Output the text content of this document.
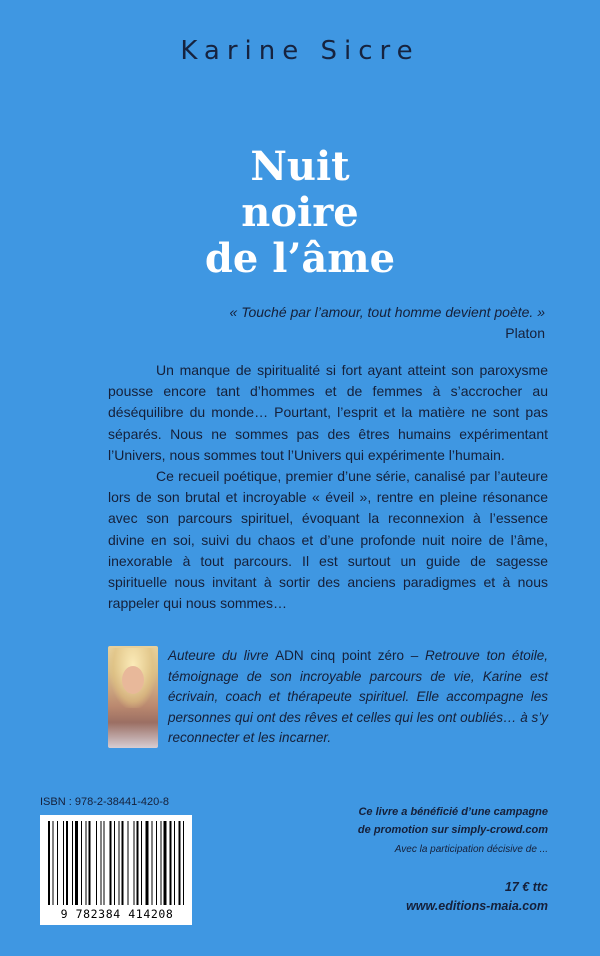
Karine Sicre
Nuit
noire
de l’âme
« Touché par l’amour, tout homme devient poète. »
Platon

Un manque de spiritualité si fort ayant atteint son paroxysme pousse encore tant d’hommes et de femmes à s’accrocher au déséquilibre du monde… Pourtant, l’esprit et la matière ne sont pas séparés. Nous ne sommes pas des êtres humains expérimentant l’Univers, nous sommes tout l’Univers qui expérimente l’humain.

Ce recueil poétique, premier d’une série, canalisé par l’auteure lors de son brutal et incroyable « éveil », rentre en pleine résonance avec son parcours spirituel, évoquant la reconnexion à l’essence divine en soi, suivi du chaos et d’une profonde nuit noire de l’âme, inexorable à tout parcours. Il est surtout un guide de sagesse spirituelle nous invitant à sortir des anciens paradigmes et à nous rappeler qui nous sommes…

Auteure du livre ADN cinq point zéro – Retrouve ton étoile, témoignage de son incroyable parcours de vie, Karine est écrivain, coach et thérapeute spirituel. Elle accompagne les personnes qui ont des rêves et celles qui les ont oubliés… à s’y reconnecter et les incarner.
ISBN : 978-2-38441-420-8
9 782384 414208
Ce livre a bénéficié d’une campagne
de promotion sur simply-crowd.com
Avec la participation décisive de ...
17 € ttc
www.editions-maia.com
